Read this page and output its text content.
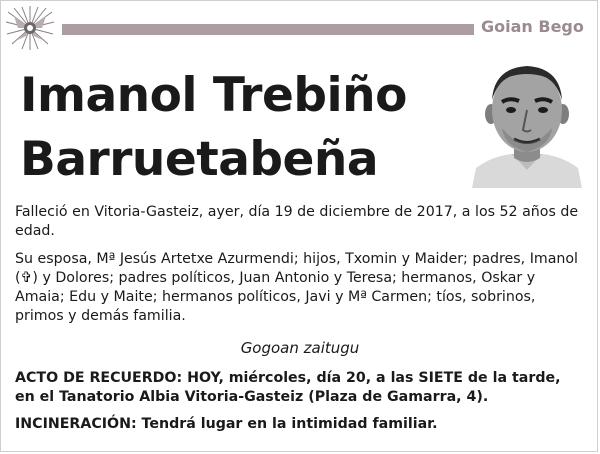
Goian Bego
Imanol Trebiño
Barruetabeña
Falleció en Vitoria-Gasteiz, ayer, día 19 de diciembre de 2017, a los 52 años de edad.
Su esposa, Mª Jesús Artetxe Azurmendi; hijos, Txomin y Maider; padres, Imanol (✞) y Dolores; padres políticos, Juan Antonio y Teresa; hermanos, Oskar y Amaia; Edu y Maite; hermanos políticos, Javi y Mª Carmen; tíos, sobrinos, primos y demás familia.
Gogoan zaitugu
ACTO DE RECUERDO: HOY, miércoles, día 20, a las SIETE de la tarde, en el Tanatorio Albia Vitoria-Gasteiz (Plaza de Gamarra, 4).
INCINERACIÓN: Tendrá lugar en la intimidad familiar.
